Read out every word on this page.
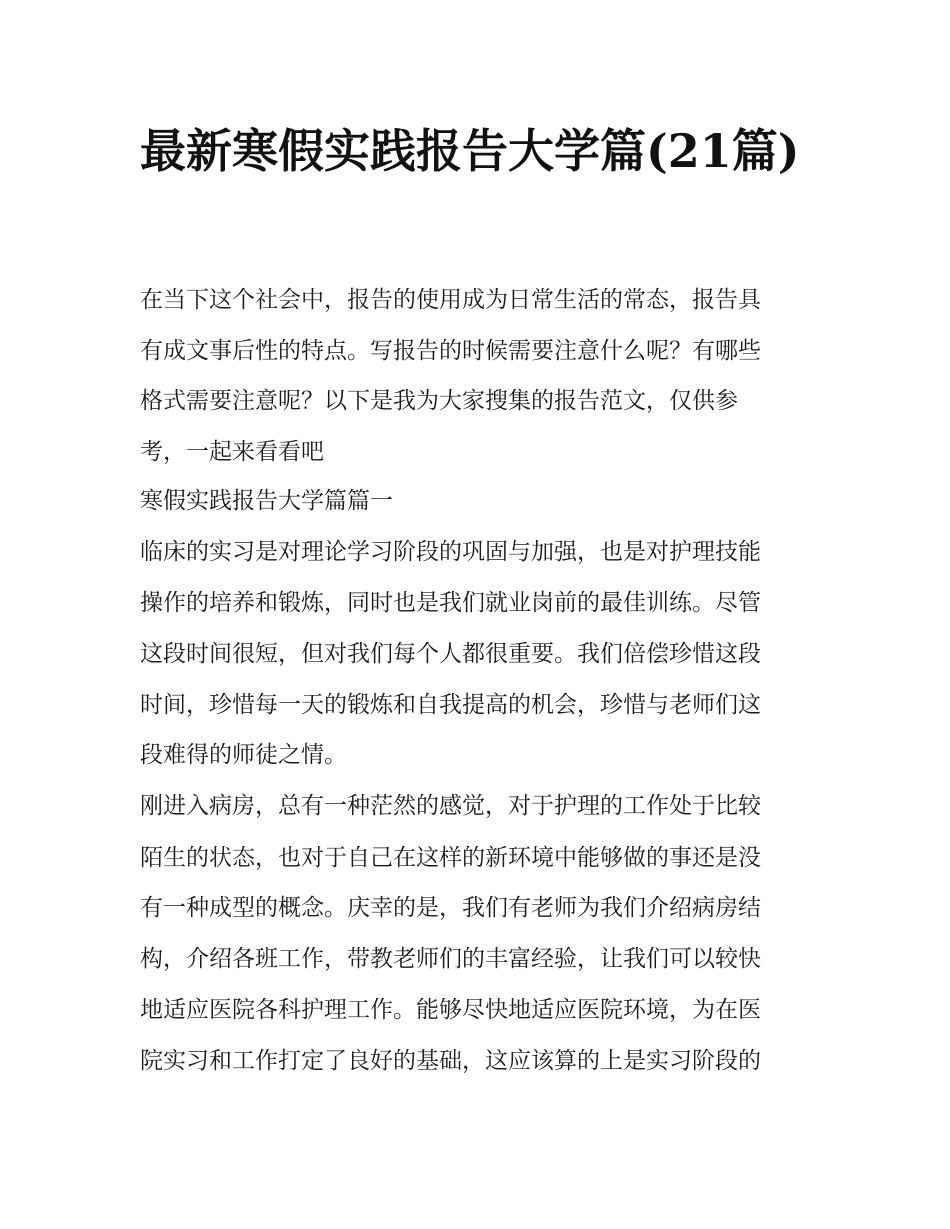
最新寒假实践报告大学篇(21篇)

在当下这个社会中，报告的使用成为日常生活的常态，报告具

有成文事后性的特点。写报告的时候需要注意什么呢？有哪些

格式需要注意呢？以下是我为大家搜集的报告范文，仅供参

考，一起来看看吧

寒假实践报告大学篇篇一

临床的实习是对理论学习阶段的巩固与加强，也是对护理技能

操作的培养和锻炼，同时也是我们就业岗前的最佳训练。尽管

这段时间很短，但对我们每个人都很重要。我们倍偿珍惜这段

时间，珍惜每一天的锻炼和自我提高的机会，珍惜与老师们这

段难得的师徒之情。

刚进入病房，总有一种茫然的感觉，对于护理的工作处于比较

陌生的状态，也对于自己在这样的新环境中能够做的事还是没

有一种成型的概念。庆幸的是，我们有老师为我们介绍病房结

构，介绍各班工作，带教老师们的丰富经验，让我们可以较快

地适应医院各科护理工作。能够尽快地适应医院环境，为在医

院实习和工作打定了良好的基础，这应该算的上是实习阶段的
